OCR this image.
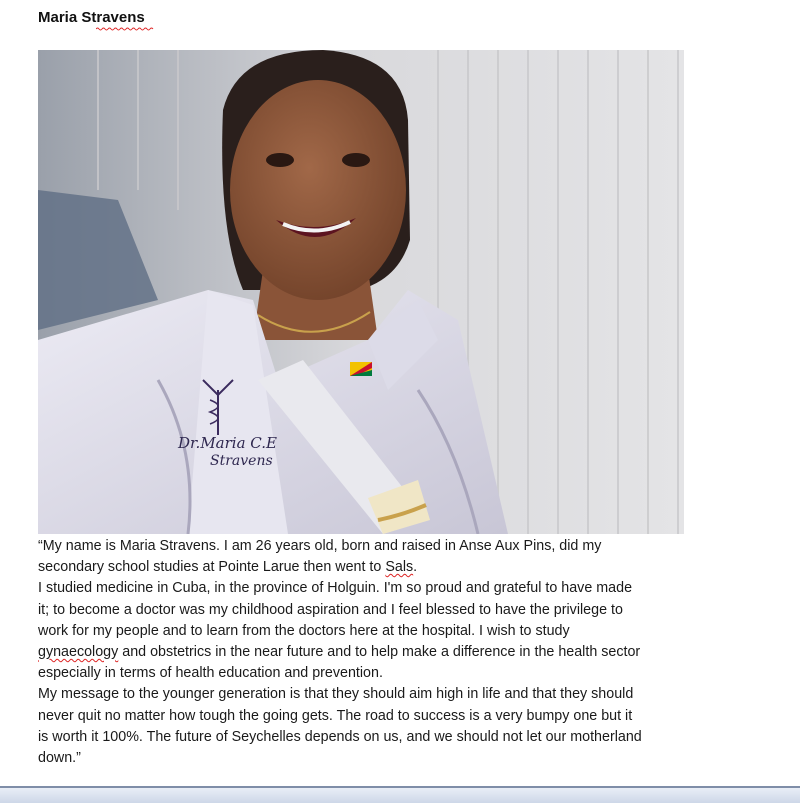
Maria Stravens
Dr.Maria C.E
Stravens
“My name is Maria Stravens. I am 26 years old, born and raised in Anse Aux Pins, did my
secondary school studies at Pointe Larue then went to Sals.
I studied medicine in Cuba, in the province of Holguin. I'm so proud and grateful to have made
it; to become a doctor was my childhood aspiration and I feel blessed to have the privilege to
work for my people and to learn from the doctors here at the hospital. I wish to study
gynaecology and obstetrics in the near future and to help make a difference in the health sector
especially in terms of health education and prevention.
My message to the younger generation is that they should aim high in life and that they should
never quit no matter how tough the going gets. The road to success is a very bumpy one but it
is worth it 100%. The future of Seychelles depends on us, and we should not let our motherland
down.”
